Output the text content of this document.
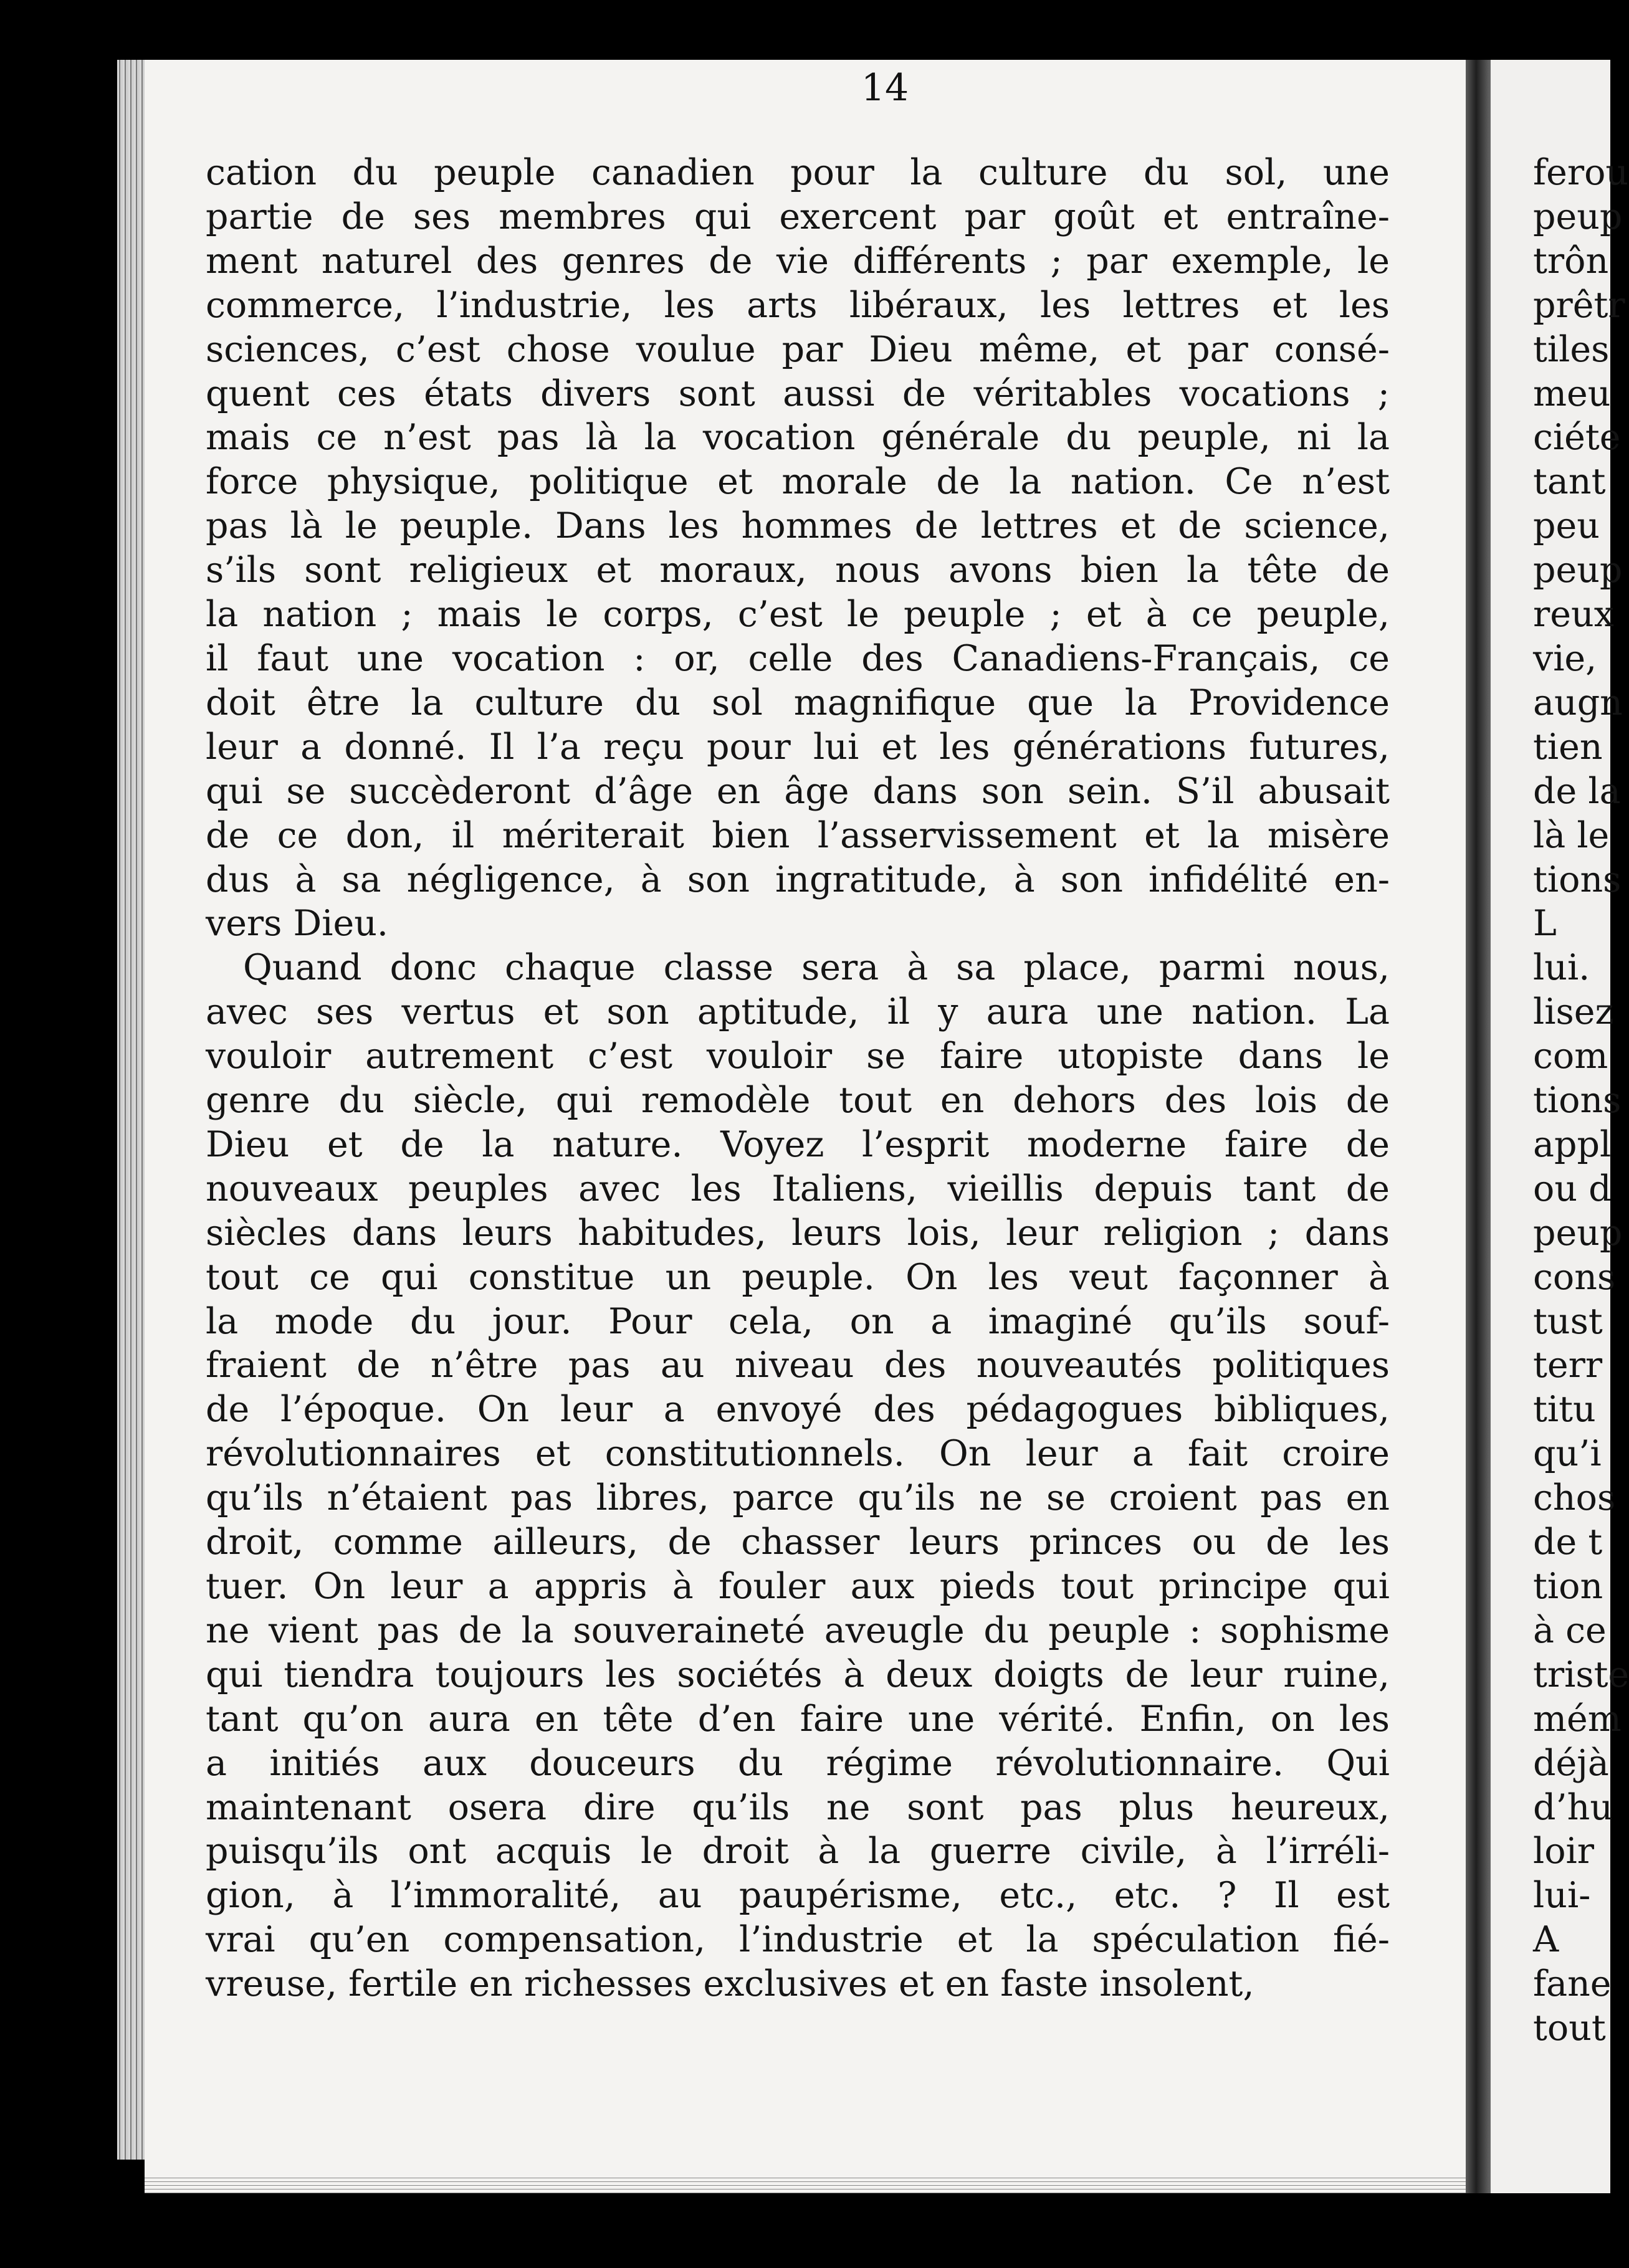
14
cation du peuple canadien pour la culture du sol, une
partie de ses membres qui exercent par goût et entraîne-
ment naturel des genres de vie différents ; par exemple, le
commerce, l’industrie, les arts libéraux, les lettres et les
sciences, c’est chose voulue par Dieu même, et par consé-
quent ces états divers sont aussi de véritables vocations ;
mais ce n’est pas là la vocation générale du peuple, ni la
force physique, politique et morale de la nation. Ce n’est
pas là le peuple. Dans les hommes de lettres et de science,
s’ils sont religieux et moraux, nous avons bien la tête de
la nation ; mais le corps, c’est le peuple ; et à ce peuple,
il faut une vocation : or, celle des Canadiens-Français, ce
doit être la culture du sol magnifique que la Providence
leur a donné. Il l’a reçu pour lui et les générations futures,
qui se succèderont d’âge en âge dans son sein. S’il abusait
de ce don, il mériterait bien l’asservissement et la misère
dus à sa négligence, à son ingratitude, à son infidélité en-
vers Dieu.
Quand donc chaque classe sera à sa place, parmi nous,
avec ses vertus et son aptitude, il y aura une nation. La
vouloir autrement c’est vouloir se faire utopiste dans le
genre du siècle, qui remodèle tout en dehors des lois de
Dieu et de la nature. Voyez l’esprit moderne faire de
nouveaux peuples avec les Italiens, vieillis depuis tant de
siècles dans leurs habitudes, leurs lois, leur religion ; dans
tout ce qui constitue un peuple. On les veut façonner à
la mode du jour. Pour cela, on a imaginé qu’ils souf-
fraient de n’être pas au niveau des nouveautés politiques
de l’époque. On leur a envoyé des pédagogues bibliques,
révolutionnaires et constitutionnels. On leur a fait croire
qu’ils n’étaient pas libres, parce qu’ils ne se croient pas en
droit, comme ailleurs, de chasser leurs princes ou de les
tuer. On leur a appris à fouler aux pieds tout principe qui
ne vient pas de la souveraineté aveugle du peuple : sophisme
qui tiendra toujours les sociétés à deux doigts de leur ruine,
tant qu’on aura en tête d’en faire une vérité. Enfin, on les
a initiés aux douceurs du régime révolutionnaire. Qui
maintenant osera dire qu’ils ne sont pas plus heureux,
puisqu’ils ont acquis le droit à la guerre civile, à l’irréli-
gion, à l’immoralité, au paupérisme, etc., etc. ? Il est
vrai qu’en compensation, l’industrie et la spéculation fié-
vreuse, fertile en richesses exclusives et en faste insolent,
ferou
peup
trôn
prêtr
tiles
meu
ciéte
tant
peu
peup
reux
vie,
augn
tien
de la
là le
tions
L
lui.
lisez
com
tions
appl
ou d
peup
cons
tust
terr
titu
qu’i
chos
de t
tion
à ce
triste
mém
déjà
d’hu
loir
lui-
A
fane
tout
